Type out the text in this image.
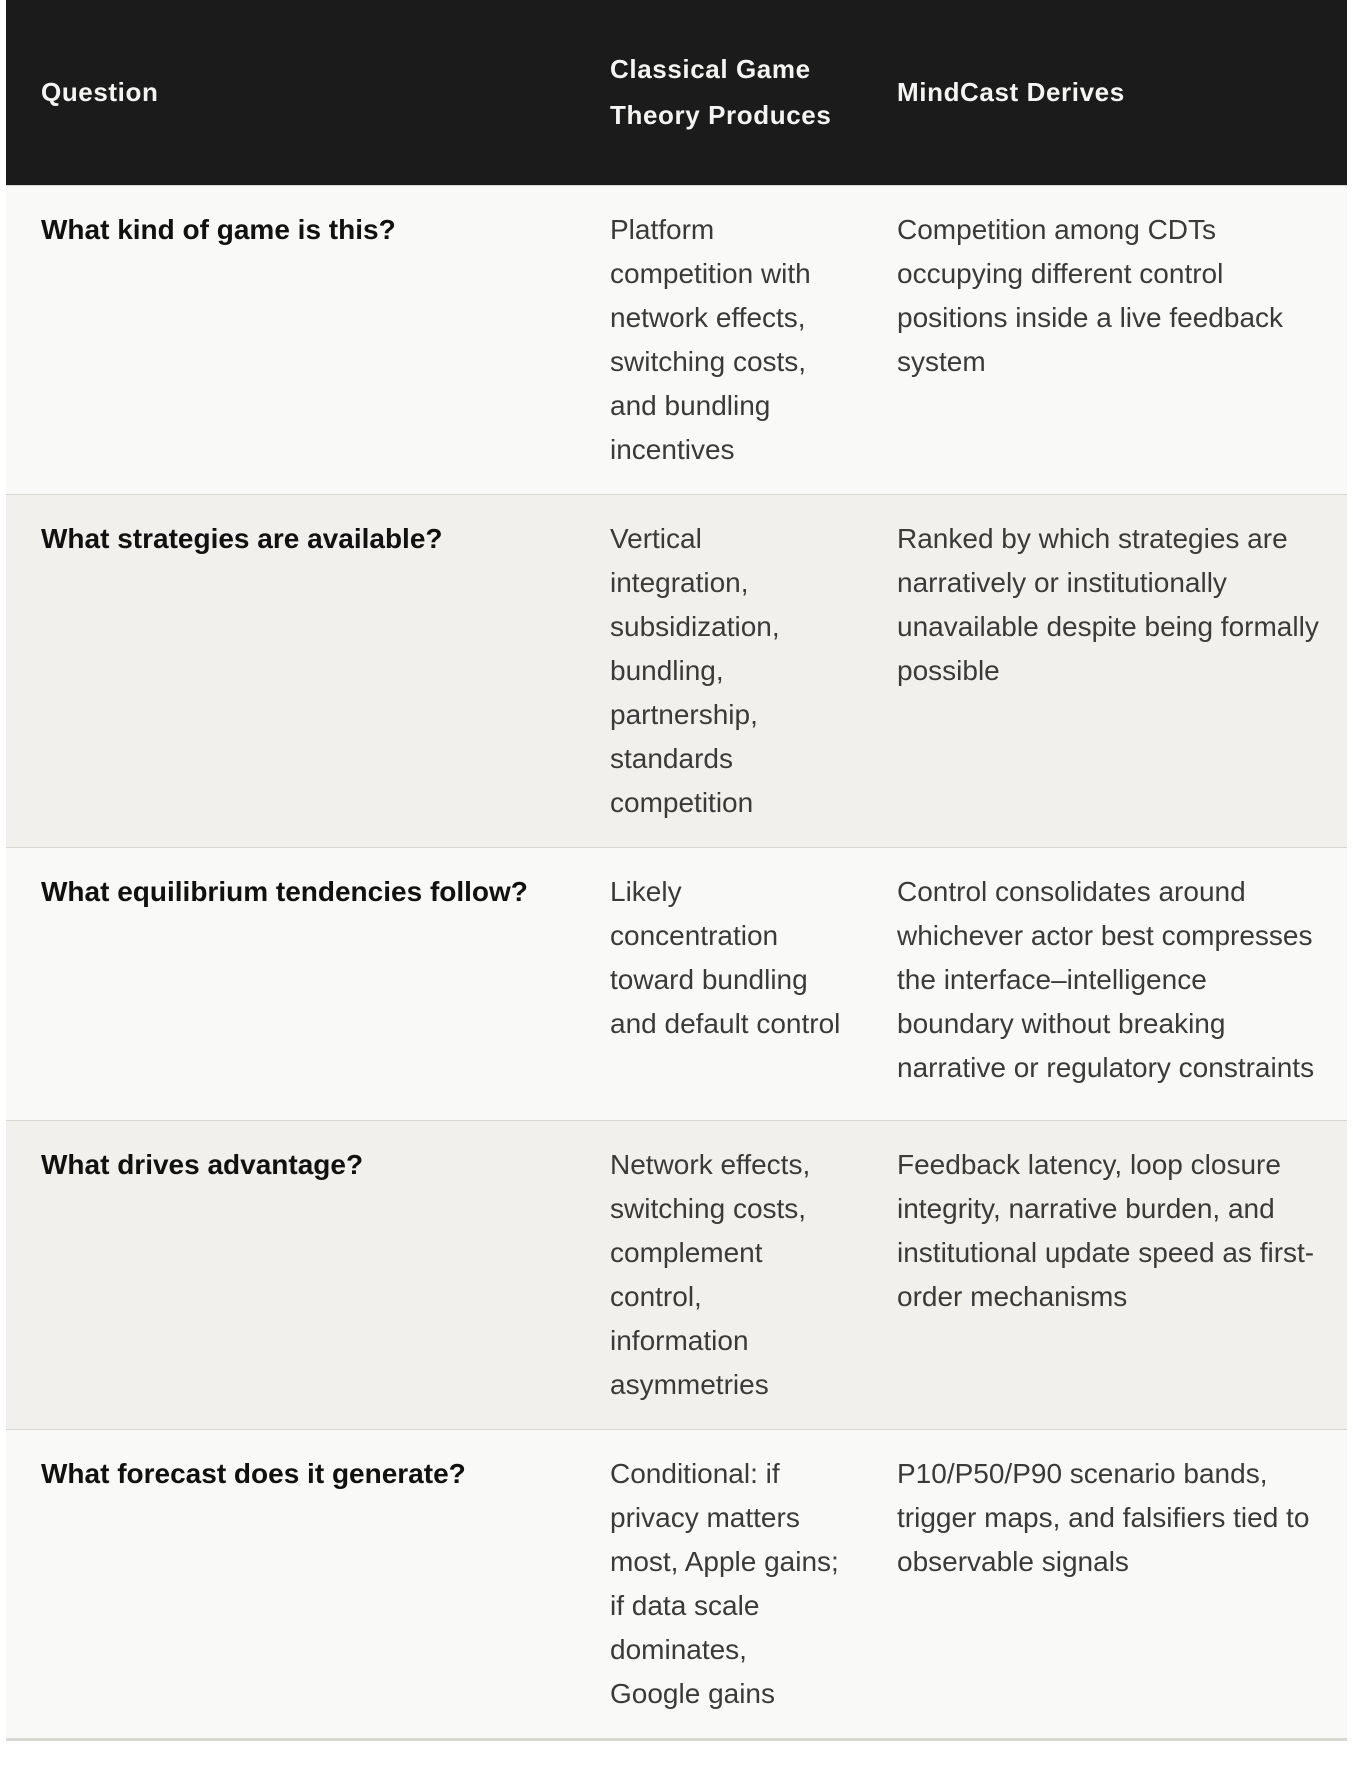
Question	Classical Game Theory Produces	MindCast Derives
What kind of game is this?	Platform competition with network effects, switching costs, and bundling incentives	Competition among CDTs occupying different control positions inside a live feedback system
What strategies are available?	Vertical integration, subsidization, bundling, partnership, standards competition	Ranked by which strategies are narratively or institutionally unavailable despite being formally possible
What equilibrium tendencies follow?	Likely concentration toward bundling and default control	Control consolidates around whichever actor best compresses the interface–intelligence boundary without breaking narrative or regulatory constraints
What drives advantage?	Network effects, switching costs, complement control, information asymmetries	Feedback latency, loop closure integrity, narrative burden, and institutional update speed as first-order mechanisms
What forecast does it generate?	Conditional: if privacy matters most, Apple gains; if data scale dominates, Google gains	P10/P50/P90 scenario bands, trigger maps, and falsifiers tied to observable signals
